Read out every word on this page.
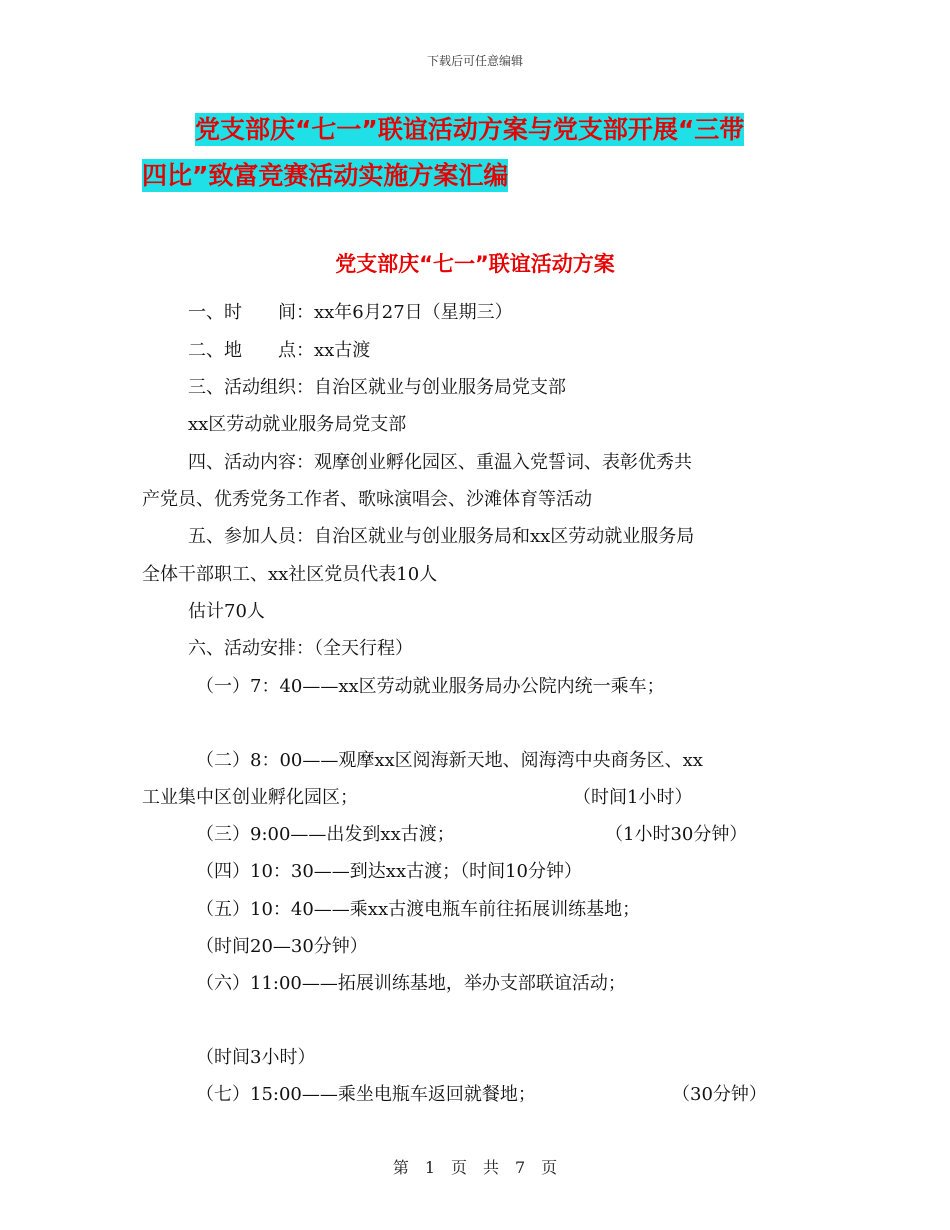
下载后可任意编辑
党支部庆“七一”联谊活动方案与党支部开展“三带
四比”致富竞赛活动实施方案汇编
党支部庆“七一”联谊活动方案
一、时　　间：xx年6月27日（星期三）
二、地　　点：xx古渡
三、活动组织：自治区就业与创业服务局党支部
xx区劳动就业服务局党支部
四、活动内容：观摩创业孵化园区、重温入党誓词、表彰优秀共
产党员、优秀党务工作者、歌咏演唱会、沙滩体育等活动
五、参加人员：自治区就业与创业服务局和xx区劳动就业服务局
全体干部职工、xx社区党员代表10人
估计70人
六、活动安排：（全天行程）
（一）7：40——xx区劳动就业服务局办公院内统一乘车；
（二）8：00——观摩xx区阅海新天地、阅海湾中央商务区、xx
工业集中区创业孵化园区；	（时间1小时）
（三）9:00——出发到xx古渡；	（1小时30分钟）
（四）10：30——到达xx古渡；（时间10分钟）
（五）10：40——乘xx古渡电瓶车前往拓展训练基地；
（时间20—30分钟）
（六）11:00——拓展训练基地，举办支部联谊活动；
（时间3小时）
（七）15:00——乘坐电瓶车返回就餐地；	（30分钟）
第　1　页　共　7　页
